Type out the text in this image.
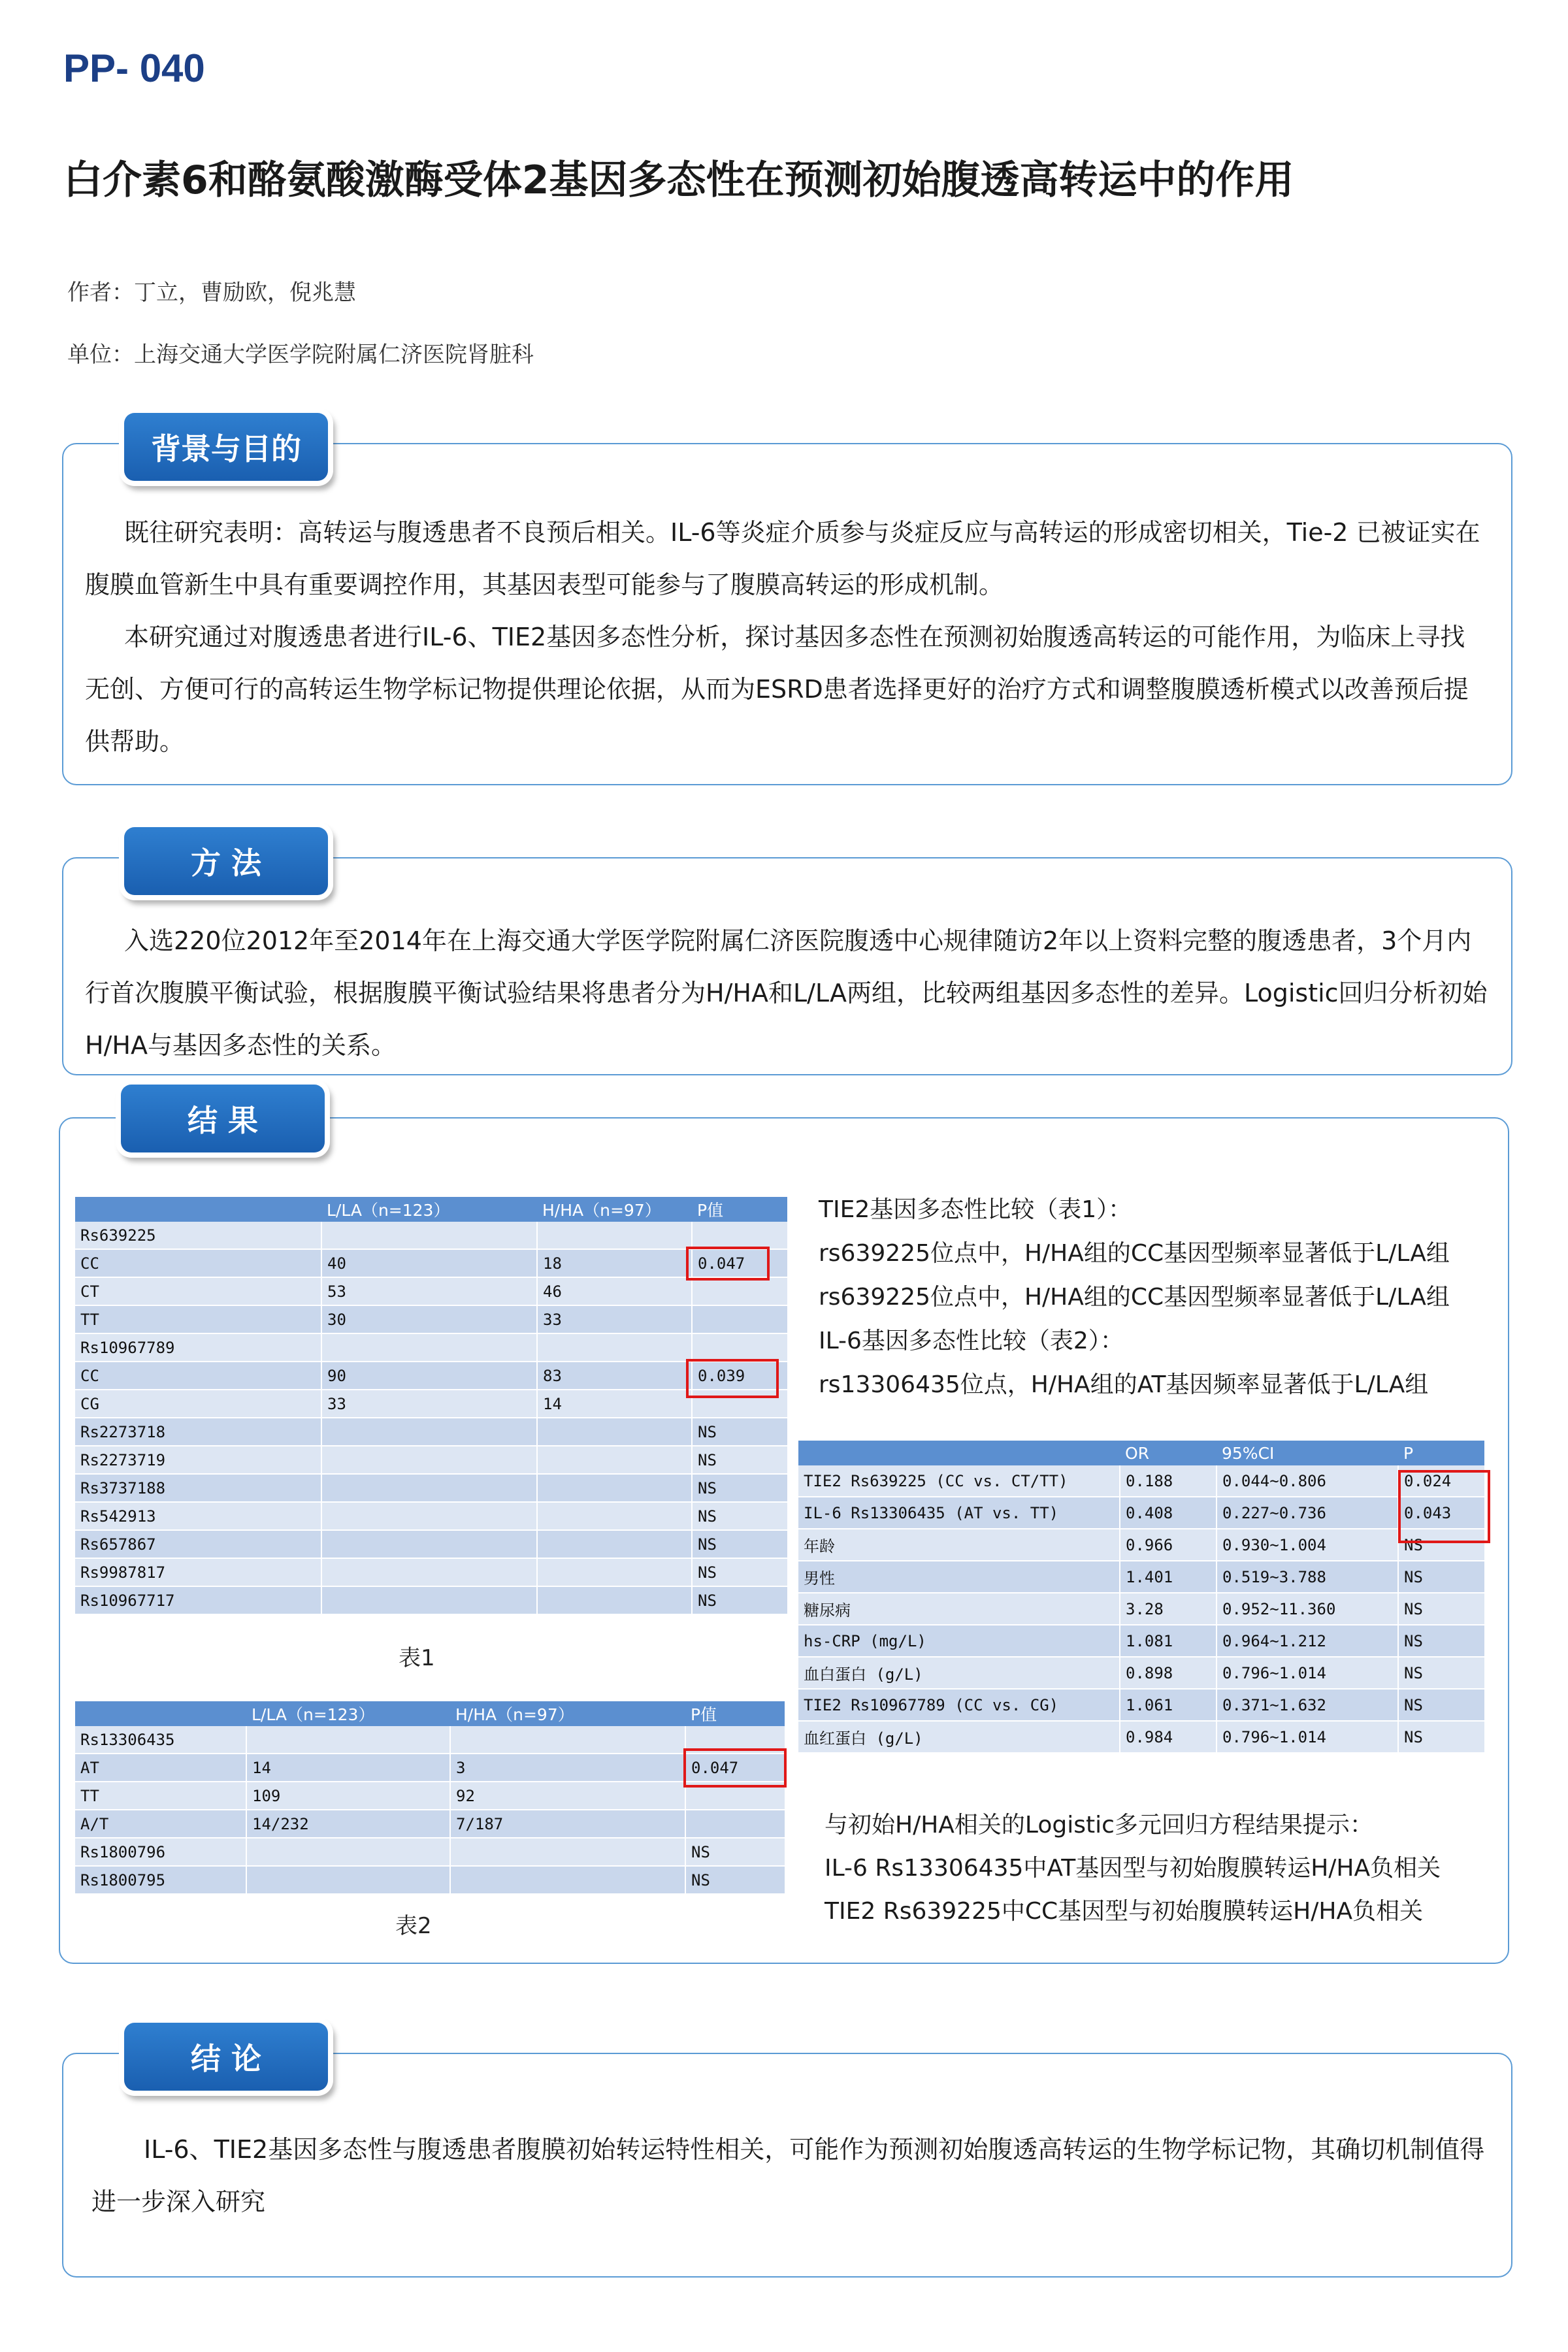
PP- 040
白介素6和酪氨酸激酶受体2基因多态性在预测初始腹透高转运中的作用
作者：丁立，曹励欧，倪兆慧
单位：上海交通大学医学院附属仁济医院肾脏科
背景与目的
既往研究表明：高转运与腹透患者不良预后相关。IL-6等炎症介质参与炎症反应与高转运的形成密切相关，Tie-2 已被证实在腹膜血管新生中具有重要调控作用，其基因表型可能参与了腹膜高转运的形成机制。
本研究通过对腹透患者进行IL-6、TIE2基因多态性分析，探讨基因多态性在预测初始腹透高转运的可能作用，为临床上寻找无创、方便可行的高转运生物学标记物提供理论依据，从而为ESRD患者选择更好的治疗方式和调整腹膜透析模式以改善预后提供帮助。
方 法
入选220位2012年至2014年在上海交通大学医学院附属仁济医院腹透中心规律随访2年以上资料完整的腹透患者，3个月内行首次腹膜平衡试验，根据腹膜平衡试验结果将患者分为H/HA和L/LA两组，比较两组基因多态性的差异。Logistic回归分析初始H/HA与基因多态性的关系。
结 果
	L/LA（n=123）	H/HA（n=97）	P值
Rs639225			
CC	40	18	0.047
CT	53	46	
TT	30	33	
Rs10967789			
CC	90	83	0.039
CG	33	14	
Rs2273718			NS
Rs2273719			NS
Rs3737188			NS
Rs542913			NS
Rs657867			NS
Rs9987817			NS
Rs10967717			NS
表1
	L/LA（n=123）	H/HA（n=97）	P值
Rs13306435			
AT	14	3	0.047
TT	109	92	
A/T	14/232	7/187	
Rs1800796			NS
Rs1800795			NS
表2
TIE2基因多态性比较（表1）：
rs639225位点中，H/HA组的CC基因型频率显著低于L/LA组
rs639225位点中，H/HA组的CC基因型频率显著低于L/LA组
IL-6基因多态性比较（表2）：
rs13306435位点，H/HA组的AT基因频率显著低于L/LA组
	OR	95%CI	P
TIE2 Rs639225 (CC vs. CT/TT)	0.188	0.044~0.806	0.024
IL-6 Rs13306435 (AT vs. TT)	0.408	0.227~0.736	0.043
年龄	0.966	0.930~1.004	NS
男性	1.401	0.519~3.788	NS
糖尿病	3.28	0.952~11.360	NS
hs-CRP (mg/L)	1.081	0.964~1.212	NS
血白蛋白 (g/L)	0.898	0.796~1.014	NS
TIE2 Rs10967789 (CC vs. CG)	1.061	0.371~1.632	NS
血红蛋白 (g/L)	0.984	0.796~1.014	NS
与初始H/HA相关的Logistic多元回归方程结果提示：
IL-6 Rs13306435中AT基因型与初始腹膜转运H/HA负相关
TIE2 Rs639225中CC基因型与初始腹膜转运H/HA负相关
结 论
IL-6、TIE2基因多态性与腹透患者腹膜初始转运特性相关，可能作为预测初始腹透高转运的生物学标记物，其确切机制值得进一步深入研究
